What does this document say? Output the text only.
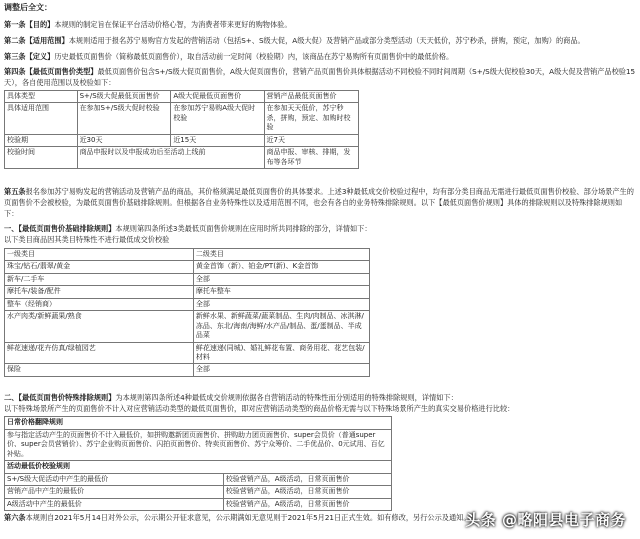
调整后全文：

第一条【目的】本规则的制定旨在保证平台活动价格心智，为消费者带来更好的购物体验。

第二条【适用范围】本规则适用于报名苏宁易购官方发起的营销活动（包括S+、S级大促，A级大促）及营销产品或部分类型活动（天天低价，苏宁秒杀，拼购，预定，加购）的商品。

第三条【定义】历史最低页面售价（简称最低页面售价），取自活动前一定时间（校验期）内，该商品在苏宁易购所有页面售价中的最低价格。

第四条【最低页面售价类型】最低页面售价包含S+/S级大促页面售价，A级大促页面售价，营销产品页面售价具体根据活动不同校验不同时间周期（S+/S级大促校验30天，A级大促及营销产品校验15天），各自使用范围以及校验如下：

具体类型	S+/S级大促最低页面售价	A级大促最低页面售价	营销产品最低页面售价
具体适用范围	在参加S+/S级大促时校验	在参加苏宁易购A级大促时校验	在参加天天低价，苏宁秒杀，拼购，预定、加购时校验
校验期	近30天	近15天	近7天
校验时间	商品申报时以及申报成功后至活动上线前		商品申报、审核、排期，发布等各环节

第五条报名参加苏宁易购发起的营销活动及营销产品的商品，其价格须满足最低页面售价的具体要求。上述3种最低成交价校验过程中，均有部分类目商品无需进行最低页面售价校验、部分场景产生的页面售价不会被校验，为最低页面售价基础排除规则。但根据各自业务特殊性以及适用范围不同，也会有各自的业务特殊排除规则。以下【最低页面售价规则】具体的排除规则以及特殊排除规则如下：

一、【最低页面售价基础排除规则】本规则第四条所述3类最低页面售价规则在应用时所共同排除的部分，详情如下：
以下类目商品因其类目特殊性不进行最低成交价校验
一级类目	二级类目
珠宝/钻石/翡翠/黄金	黄金首饰（新）、铂金/PT(新)、K金首饰
新车/二手车	全部
摩托车/装备/配件	摩托车整车
整车（经销商）	全部
水产肉类/新鲜蔬果/熟食	新鲜水果、新鲜蔬菜/蔬菜制品、生肉/肉制品、冰淇淋/冻品、东北/海南/海鲜/水产品/制品、蛋/蛋制品、半成品菜
鲜花速递/花卉仿真/绿植园艺	鲜花速递(同城)、婚礼鲜花布置、商务用花、花艺包装/材料
保险	全部
二、【最低页面售价特殊排除规则】为本规则第四条所述4种最低成交价规则依据各自营销活动的特殊性而分别适用的特殊排除规则，详情如下：
以下特殊场景所产生的页面售价不计入对应营销活动类型的最低页面售价，即对应营销活动类型的商品价格无需与以下特殊场景所产生的真实交易价格进行比较：
日常价格翻降规则
参与指定活动产生的页面售价不计入最低价，如拼购邀新团页面售价、拼购助力团页面售价、super会员价（普通super价、super会员营销价）、苏宁企业购页面售价、闪拍页面售价、特卖页面售价、苏宁众筹价、二手优品价、0元试用、百亿补贴。
活动最低价校验规则	
S+/S级大促活动中产生的最低价	校验营销产品，A级活动，日常页面售价
营销产品中产生的最低价	校验营销产品，A级活动，日常页面售价
A级活动中产生的最低价	校验营销产品，A级活动，日常页面售价

第六条本规则自2021年5月14日对外公示，公示期公开征求意见，公示期满如无意见则于2021年5月21日正式生效。如有修改，另行公示及通知。

头条 @略阳县电子商务
